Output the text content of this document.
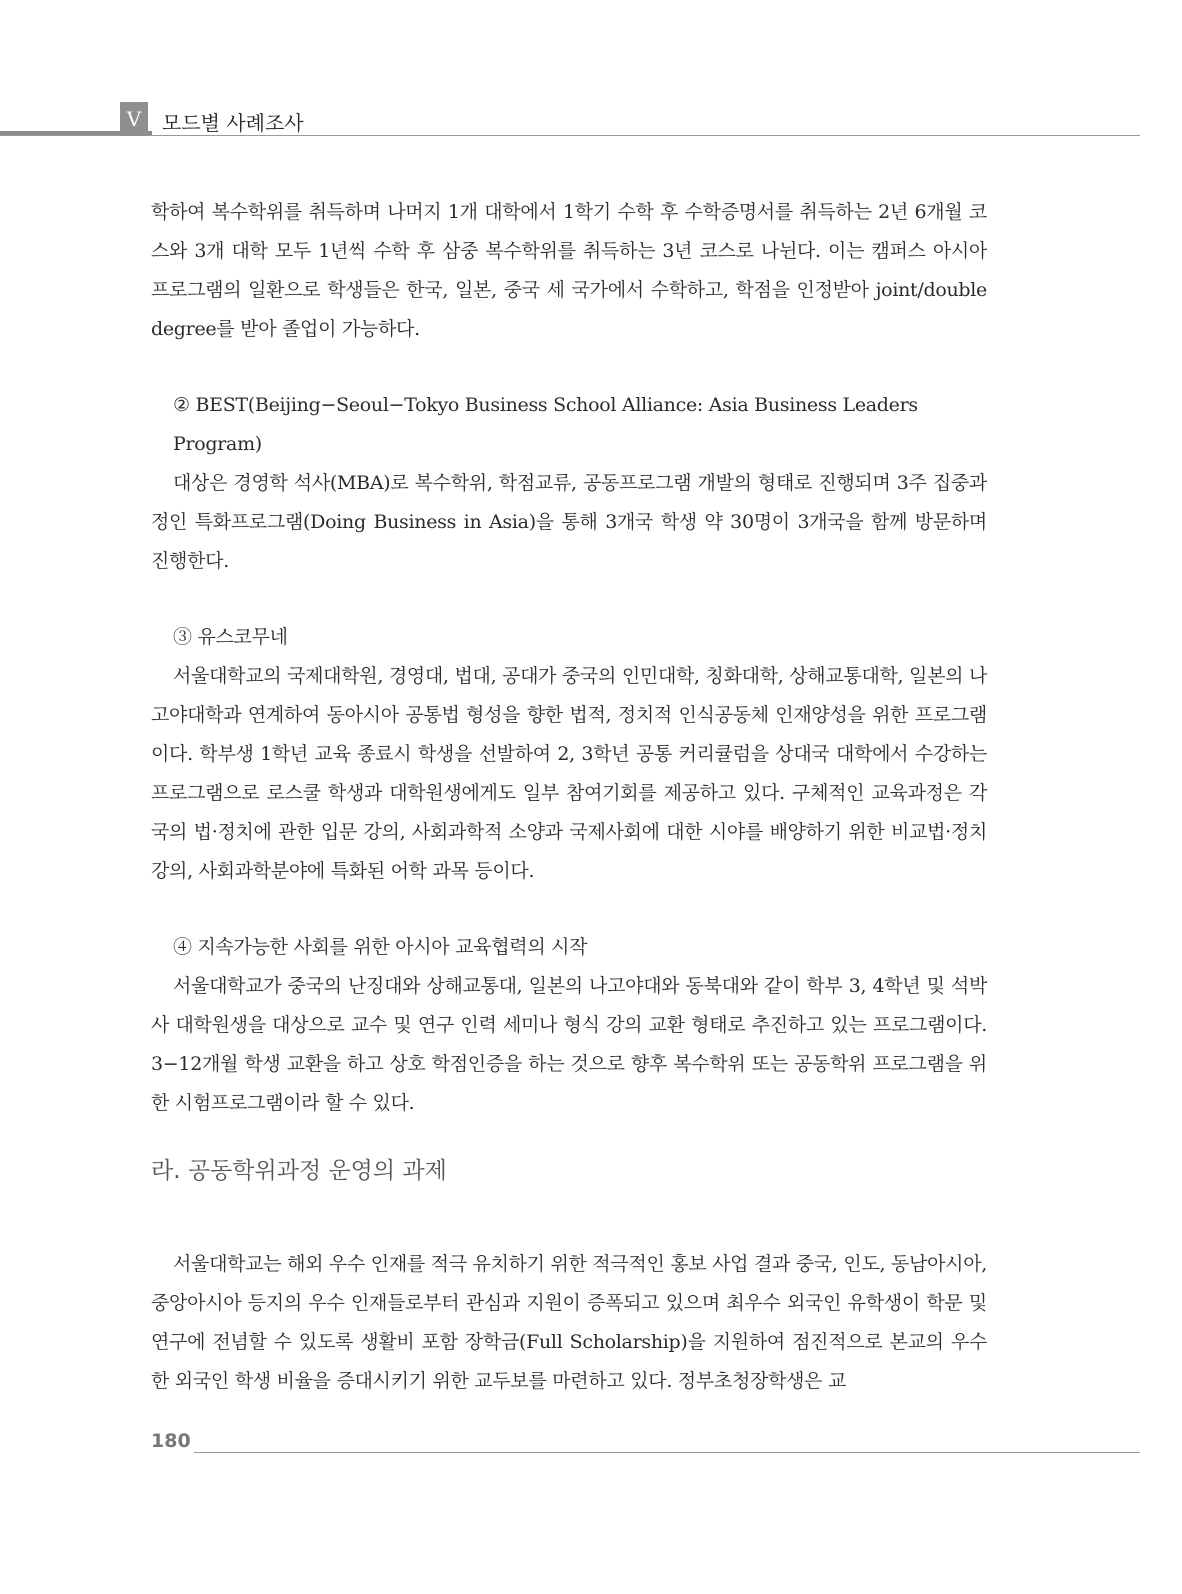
V	모드별 사례조사

학하여 복수학위를 취득하며 나머지 1개 대학에서 1학기 수학 후 수학증명서를 취득하는 2년 6개월 코스와 3개 대학 모두 1년씩 수학 후 삼중 복수학위를 취득하는 3년 코스로 나뉜다. 이는 캠퍼스 아시아 프로그램의 일환으로 학생들은 한국, 일본, 중국 세 국가에서 수학하고, 학점을 인정받아 joint/double degree를 받아 졸업이 가능하다.

② BEST(Beijing−Seoul−Tokyo Business School Alliance: Asia Business Leaders Program)

대상은 경영학 석사(MBA)로 복수학위, 학점교류, 공동프로그램 개발의 형태로 진행되며 3주 집중과정인 특화프로그램(Doing Business in Asia)을 통해 3개국 학생 약 30명이 3개국을 함께 방문하며 진행한다.

③ 유스코무네

서울대학교의 국제대학원, 경영대, 법대, 공대가 중국의 인민대학, 칭화대학, 상해교통대학, 일본의 나고야대학과 연계하여 동아시아 공통법 형성을 향한 법적, 정치적 인식공동체 인재양성을 위한 프로그램이다. 학부생 1학년 교육 종료시 학생을 선발하여 2, 3학년 공통 커리큘럼을 상대국 대학에서 수강하는 프로그램으로 로스쿨 학생과 대학원생에게도 일부 참여기회를 제공하고 있다. 구체적인 교육과정은 각국의 법·정치에 관한 입문 강의, 사회과학적 소양과 국제사회에 대한 시야를 배양하기 위한 비교법·정치 강의, 사회과학분야에 특화된 어학 과목 등이다.

④ 지속가능한 사회를 위한 아시아 교육협력의 시작

서울대학교가 중국의 난징대와 상해교통대, 일본의 나고야대와 동북대와 같이 학부 3, 4학년 및 석박사 대학원생을 대상으로 교수 및 연구 인력 세미나 형식 강의 교환 형태로 추진하고 있는 프로그램이다. 3−12개월 학생 교환을 하고 상호 학점인증을 하는 것으로 향후 복수학위 또는 공동학위 프로그램을 위한 시험프로그램이라 할 수 있다.

라. 공동학위과정 운영의 과제

서울대학교는 해외 우수 인재를 적극 유치하기 위한 적극적인 홍보 사업 결과 중국, 인도, 동남아시아, 중앙아시아 등지의 우수 인재들로부터 관심과 지원이 증폭되고 있으며 최우수 외국인 유학생이 학문 및 연구에 전념할 수 있도록 생활비 포함 장학금(Full Scholarship)을 지원하여 점진적으로 본교의 우수한 외국인 학생 비율을 증대시키기 위한 교두보를 마련하고 있다. 정부초청장학생은 교

180
